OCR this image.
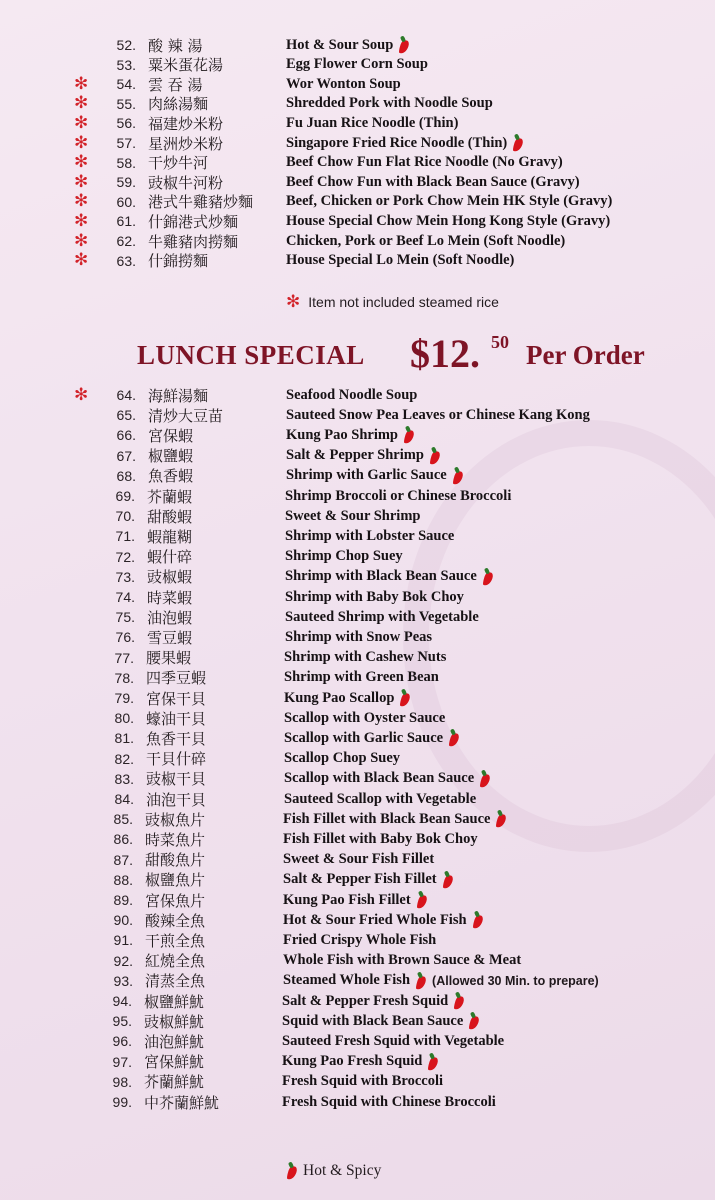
52. 酸 辣 湯	Hot & Sour Soup
53. 粟米蛋花湯	Egg Flower Corn Soup
✻	54. 雲 吞 湯	Wor Wonton Soup
✻	55. 肉絲湯麵	Shredded Pork with Noodle Soup
✻	56. 福建炒米粉	Fu Juan Rice Noodle (Thin)
✻	57. 星洲炒米粉	Singapore Fried Rice Noodle (Thin)
✻	58. 干炒牛河	Beef Chow Fun Flat Rice Noodle (No Gravy)
✻	59. 豉椒牛河粉	Beef Chow Fun with Black Bean Sauce (Gravy)
✻	60. 港式牛雞豬炒麵	Beef, Chicken or Pork Chow Mein HK Style (Gravy)
✻	61. 什錦港式炒麵	House Special Chow Mein Hong Kong Style (Gravy)
✻	62. 牛雞豬肉撈麵	Chicken, Pork or Beef Lo Mein (Soft Noodle)
✻	63. 什錦撈麵	House Special Lo Mein (Soft Noodle)
✻	64. 海鮮湯麵	Seafood Noodle Soup
65. 清炒大豆苗	Sauteed Snow Pea Leaves or Chinese Kang Kong
66. 宮保蝦	Kung Pao Shrimp
67. 椒鹽蝦	Salt & Pepper Shrimp
68. 魚香蝦	Shrimp with Garlic Sauce
69. 芥蘭蝦	Shrimp Broccoli or Chinese Broccoli
70. 甜酸蝦	Sweet & Sour Shrimp
71. 蝦龍糊	Shrimp with Lobster Sauce
72. 蝦什碎	Shrimp Chop Suey
73. 豉椒蝦	Shrimp with Black Bean Sauce
74. 時菜蝦	Shrimp with Baby Bok Choy
75. 油泡蝦	Sauteed Shrimp with Vegetable
76. 雪豆蝦	Shrimp with Snow Peas
77. 腰果蝦	Shrimp with Cashew Nuts
78. 四季豆蝦	Shrimp with Green Bean
79. 宮保干貝	Kung Pao Scallop
80. 蠔油干貝	Scallop with Oyster Sauce
81. 魚香干貝	Scallop with Garlic Sauce
82. 干貝什碎	Scallop Chop Suey
83. 豉椒干貝	Scallop with Black Bean Sauce
84. 油泡干貝	Sauteed Scallop with Vegetable
85. 豉椒魚片	Fish Fillet with Black Bean Sauce
86. 時菜魚片	Fish Fillet with Baby Bok Choy
87. 甜酸魚片	Sweet & Sour Fish Fillet
88. 椒鹽魚片	Salt & Pepper Fish Fillet
89. 宮保魚片	Kung Pao Fish Fillet
90. 酸辣全魚	Hot & Sour Fried Whole Fish
91. 干煎全魚	Fried Crispy Whole Fish
92. 紅燒全魚	Whole Fish with Brown Sauce & Meat
93. 清蒸全魚	Steamed Whole Fish (Allowed 30 Min. to prepare)
94. 椒鹽鮮魷	Salt & Pepper Fresh Squid
95. 豉椒鮮魷	Squid with Black Bean Sauce
96. 油泡鮮魷	Sauteed Fresh Squid with Vegetable
97. 宮保鮮魷	Kung Pao Fresh Squid
98. 芥蘭鮮魷	Fresh Squid with Broccoli
99. 中芥蘭鮮魷	Fresh Squid with Chinese Broccoli
✻ Item not included steamed rice
LUNCH SPECIAL $12. 50 Per Order
Hot & Spicy
